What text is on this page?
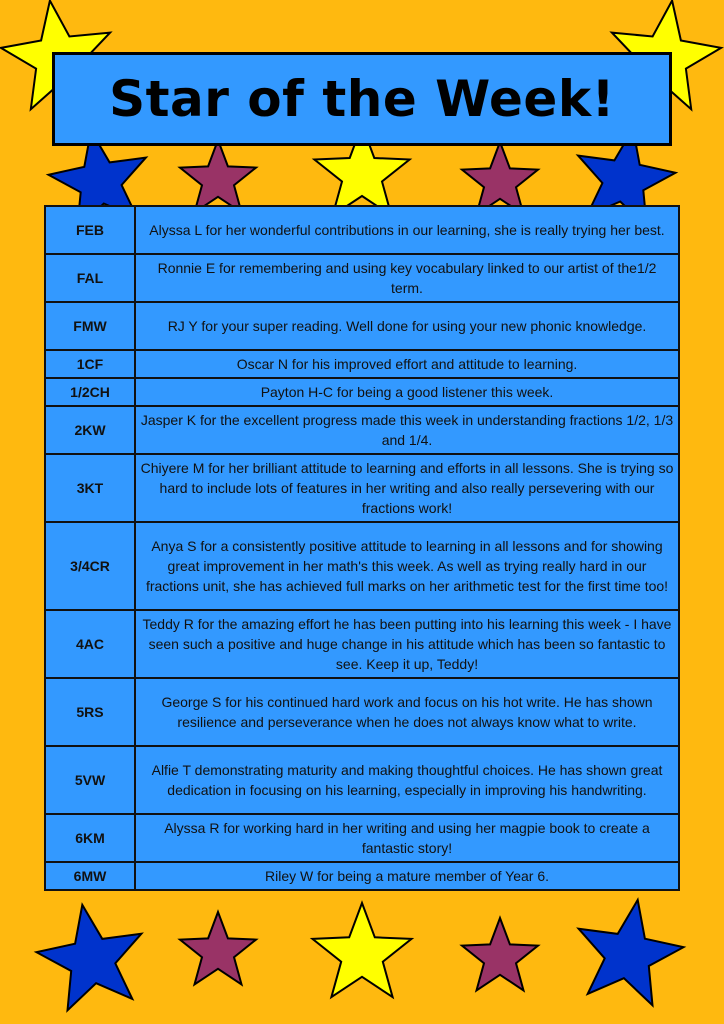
Star of the Week!
FEB	Alyssa L for her wonderful contributions in our learning, she is really trying her best.
FAL	Ronnie E for remembering and using key vocabulary linked to our artist of the1/2 term.
FMW	RJ Y for your super reading. Well done for using your new phonic knowledge.
1CF	Oscar N for his improved effort and attitude to learning.
1/2CH	Payton H-C for being a good listener this week.
2KW	Jasper K for the excellent progress made this week in understanding fractions 1/2, 1/3 and 1/4.
3KT	Chiyere M for her brilliant attitude to learning and efforts in all lessons. She is trying so hard to include lots of features in her writing and also really persevering with our fractions work!
3/4CR	Anya S for a consistently positive attitude to learning in all lessons and for showing great improvement in her math's this week. As well as trying really hard in our fractions unit, she has achieved full marks on her arithmetic test for the first time too!
4AC	Teddy R for the amazing effort he has been putting into his learning this week - I have seen such a positive and huge change in his attitude which has been so fantastic to see. Keep it up, Teddy!
5RS	George S for his continued hard work and focus on his hot write. He has shown resilience and perseverance when he does not always know what to write.
5VW	Alfie T demonstrating maturity and making thoughtful choices. He has shown great dedication in focusing on his learning, especially in improving his handwriting.
6KM	Alyssa R for working hard in her writing and using her magpie book to create a fantastic story!
6MW	Riley W for being a mature member of Year 6.
